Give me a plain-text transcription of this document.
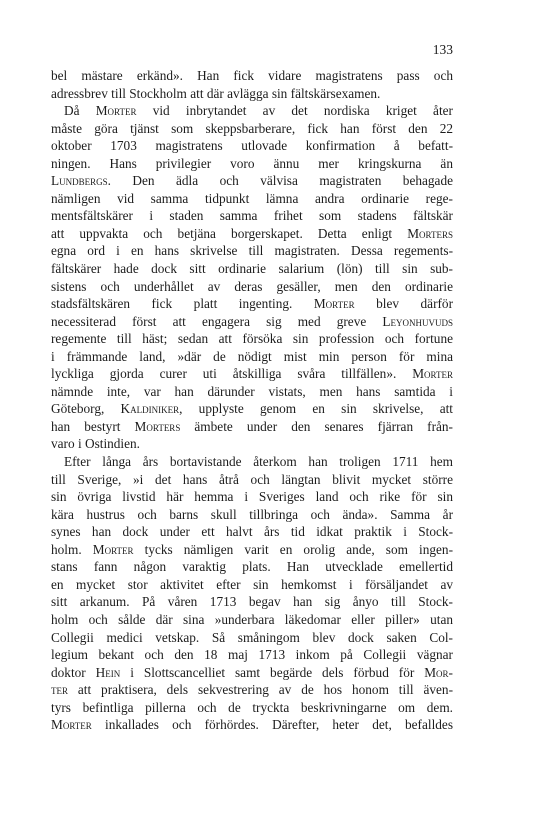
133
bel mästare erkänd». Han fick vidare magistratens pass och
adressbrev till Stockholm att där avlägga sin fältskärsexamen.
Då Morter vid inbrytandet av det nordiska kriget åter
måste göra tjänst som skeppsbarberare, fick han först den 22
oktober 1703 magistratens utlovade konfirmation å befatt-
ningen. Hans privilegier voro ännu mer kringskurna än
Lundbergs. Den ädla och välvisa magistraten behagade
nämligen vid samma tidpunkt lämna andra ordinarie rege-
mentsfältskärer i staden samma frihet som stadens fältskär
att uppvakta och betjäna borgerskapet. Detta enligt Morters
egna ord i en hans skrivelse till magistraten. Dessa regements-
fältskärer hade dock sitt ordinarie salarium (lön) till sin sub-
sistens och underhållet av deras gesäller, men den ordinarie
stadsfältskären fick platt ingenting. Morter blev därför
necessiterad först att engagera sig med greve Leyonhuvuds
regemente till häst; sedan att försöka sin profession och fortune
i främmande land, »där de nödigt mist min person för mina
lyckliga gjorda curer uti åtskilliga svåra tillfällen». Morter
nämnde inte, var han därunder vistats, men hans samtida i
Göteborg, Kaldiniker, upplyste genom en sin skrivelse, att
han bestyrt Morters ämbete under den senares fjärran från-
varo i Ostindien.
Efter långa års bortavistande återkom han troligen 1711 hem
till Sverige, »i det hans åtrå och längtan blivit mycket större
sin övriga livstid här hemma i Sveriges land och rike för sin
kära hustrus och barns skull tillbringa och ända». Samma år
synes han dock under ett halvt års tid idkat praktik i Stock-
holm. Morter tycks nämligen varit en orolig ande, som ingen-
stans fann någon varaktig plats. Han utvecklade emellertid
en mycket stor aktivitet efter sin hemkomst i försäljandet av
sitt arkanum. På våren 1713 begav han sig ånyo till Stock-
holm och sålde där sina »underbara läkedomar eller piller» utan
Collegii medici vetskap. Så småningom blev dock saken Col-
legium bekant och den 18 maj 1713 inkom på Collegii vägnar
doktor Hein i Slottscancelliet samt begärde dels förbud för Mor-
ter att praktisera, dels sekvestrering av de hos honom till även-
tyrs befintliga pillerna och de tryckta beskrivningarne om dem.
Morter inkallades och förhördes. Därefter, heter det, befalldes
